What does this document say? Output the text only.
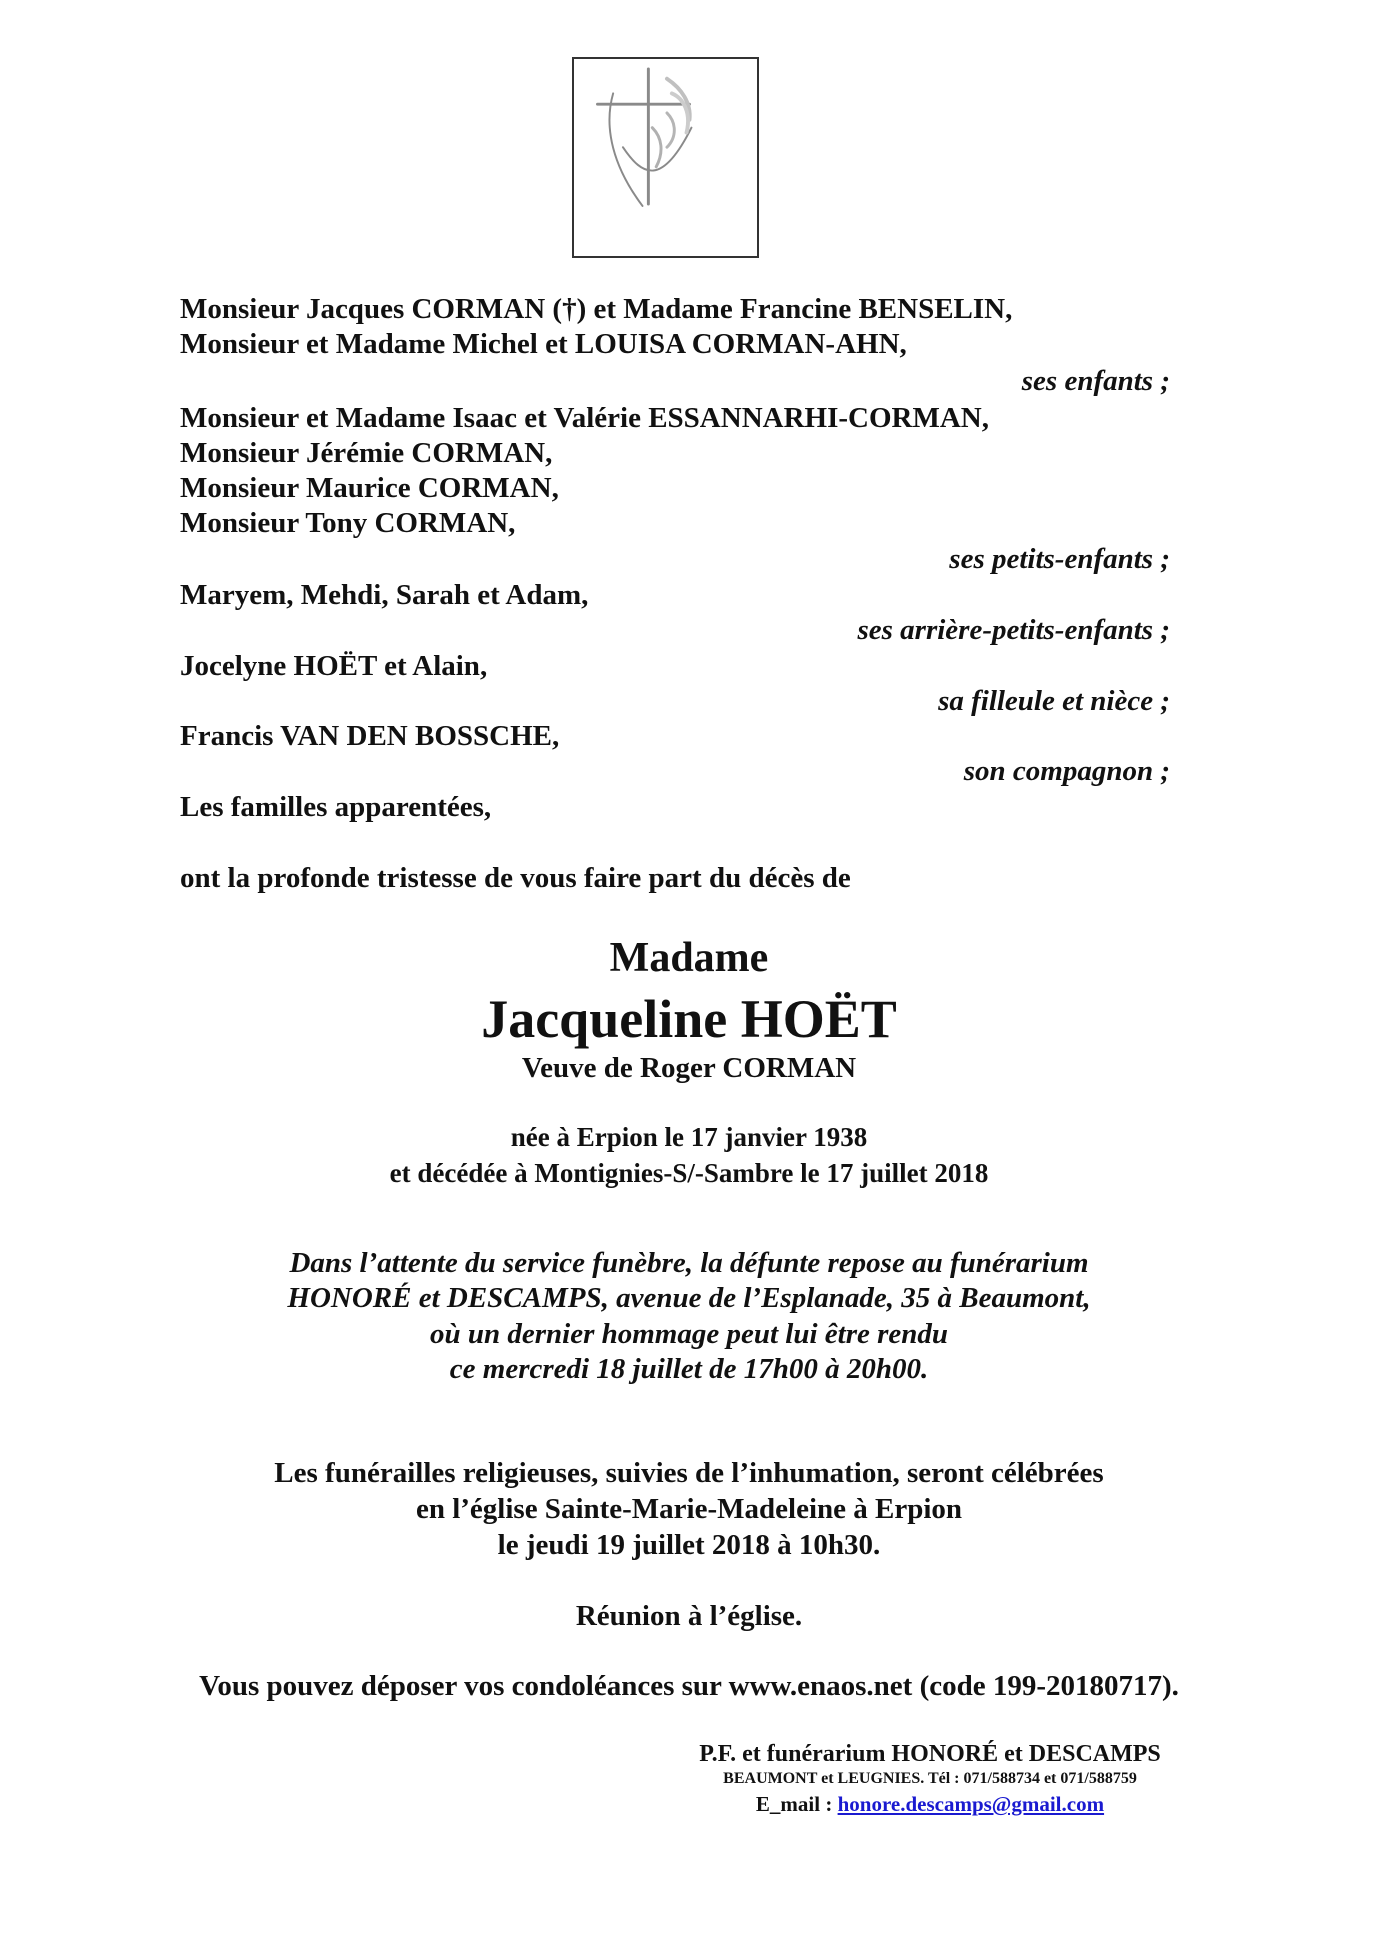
Monsieur Jacques CORMAN (†) et Madame Francine BENSELIN,
Monsieur et Madame Michel et LOUISA CORMAN-AHN,
ses enfants ;
Monsieur et Madame Isaac et Valérie ESSANNARHI-CORMAN,
Monsieur Jérémie CORMAN,
Monsieur Maurice CORMAN,
Monsieur Tony CORMAN,
ses petits-enfants ;
Maryem, Mehdi, Sarah et Adam,
ses arrière-petits-enfants ;
Jocelyne HOËT et Alain,
sa filleule et nièce ;
Francis VAN DEN BOSSCHE,
son compagnon ;
Les familles apparentées,
ont la profonde tristesse de vous faire part du décès de
Madame
Jacqueline HOËT
Veuve de Roger CORMAN
née à Erpion le 17 janvier 1938
et décédée à Montignies-S/-Sambre le 17 juillet 2018
Dans l’attente du service funèbre, la défunte repose au funérarium
HONORÉ et DESCAMPS, avenue de l’Esplanade, 35 à Beaumont,
où un dernier hommage peut lui être rendu
ce mercredi 18 juillet de 17h00 à 20h00.
Les funérailles religieuses, suivies de l’inhumation, seront célébrées
en l’église Sainte-Marie-Madeleine à Erpion
le jeudi 19 juillet 2018 à 10h30.
Réunion à l’église.
Vous pouvez déposer vos condoléances sur www.enaos.net (code 199-20180717).
P.F. et funérarium HONORÉ et DESCAMPS
BEAUMONT et LEUGNIES. Tél : 071/588734 et 071/588759
E_mail : honore.descamps@gmail.com
